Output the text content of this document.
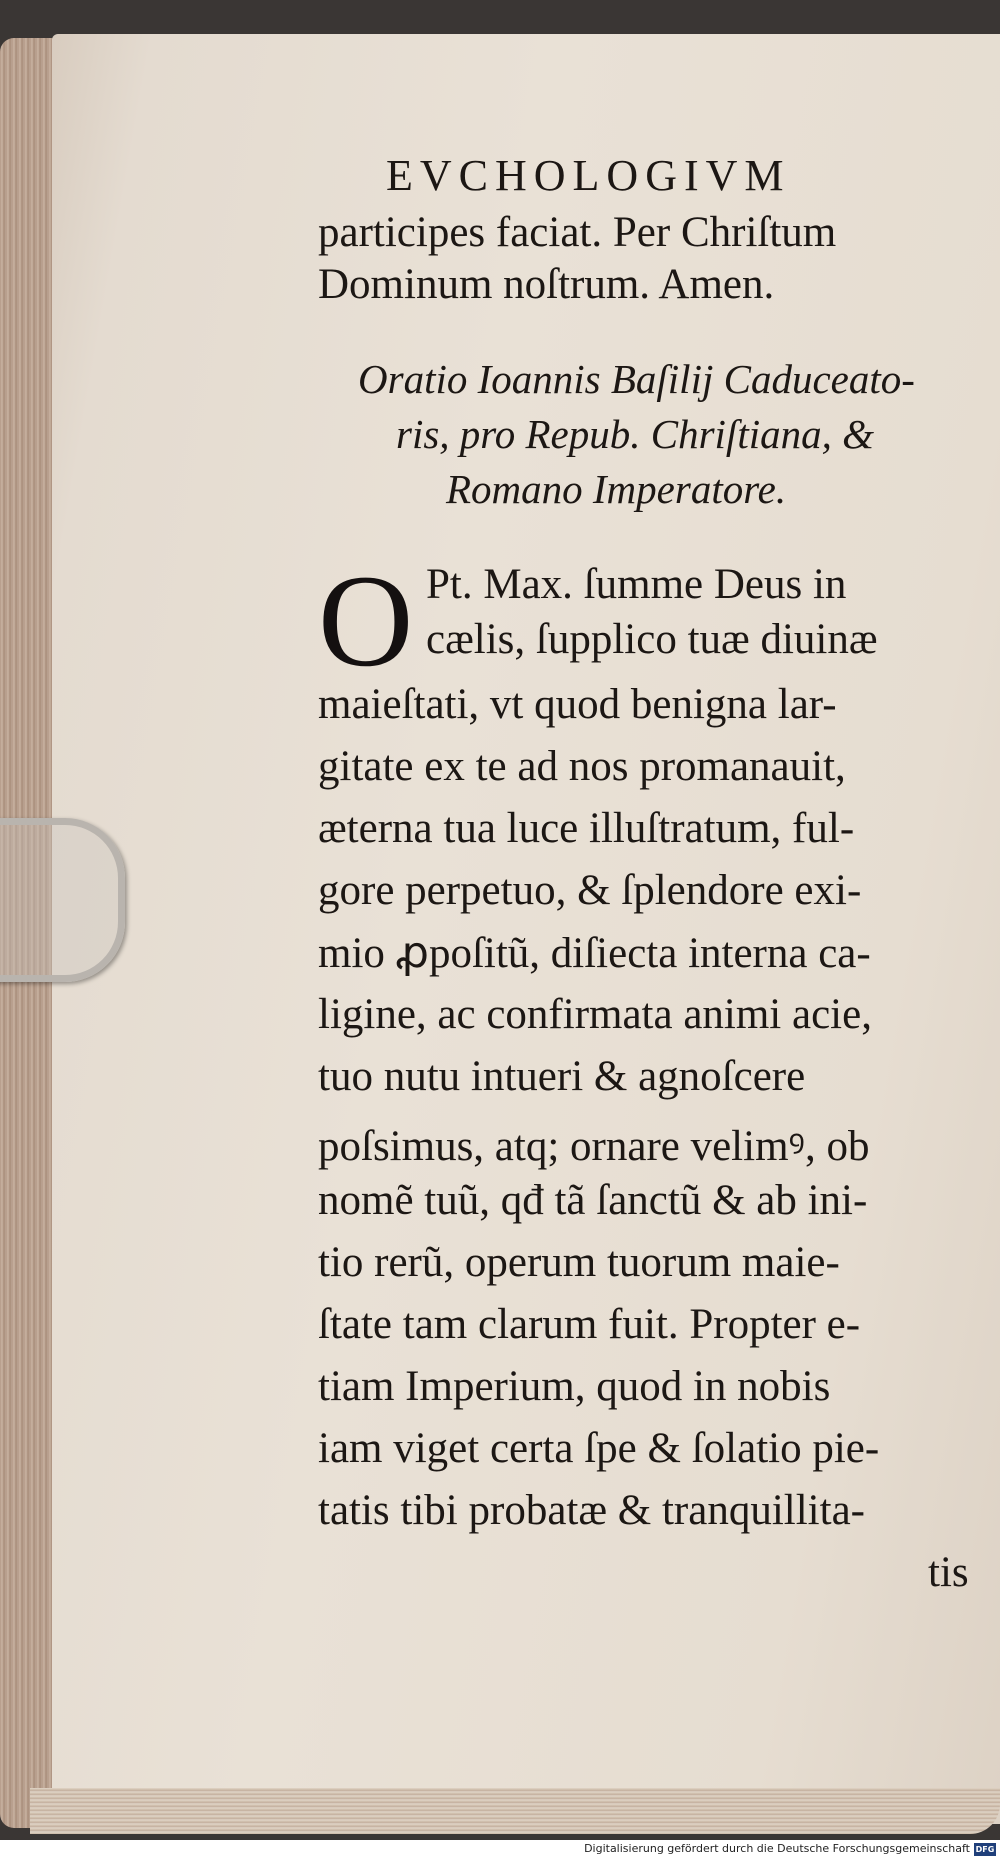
EVCHOLOGIVM
participes faciat. Per Chriſtum
Dominum noſtrum. Amen.
Oratio Ioannis Baſilij Caduceato-
ris, pro Repub. Chriſtiana, &
Romano Imperatore.
O Pt. Max. ſumme Deus in
cælis, ſupplico tuæ diuinæ
maieſtati, vt quod benigna lar-
gitate ex te ad nos promanauit,
æterna tua luce illuſtratum, ful-
gore perpetuo, & ſplendore exi-
mio ꝓpoſitũ, diſiecta interna ca-
ligine, ac confirmata animi acie,
tuo nutu intueri & agnoſcere
poſsimus, atq; ornare velimꝰ, ob
nomẽ tuũ, qđ tã ſanctũ & ab ini-
tio rerũ, operum tuorum maie-
ſtate tam clarum fuit. Propter e-
tiam Imperium, quod in nobis
iam viget certa ſpe & ſolatio pie-
tatis tibi probatæ & tranquillita-
tis
Digitalisierung gefördert durch die Deutsche Forschungsgemeinschaft DFG
